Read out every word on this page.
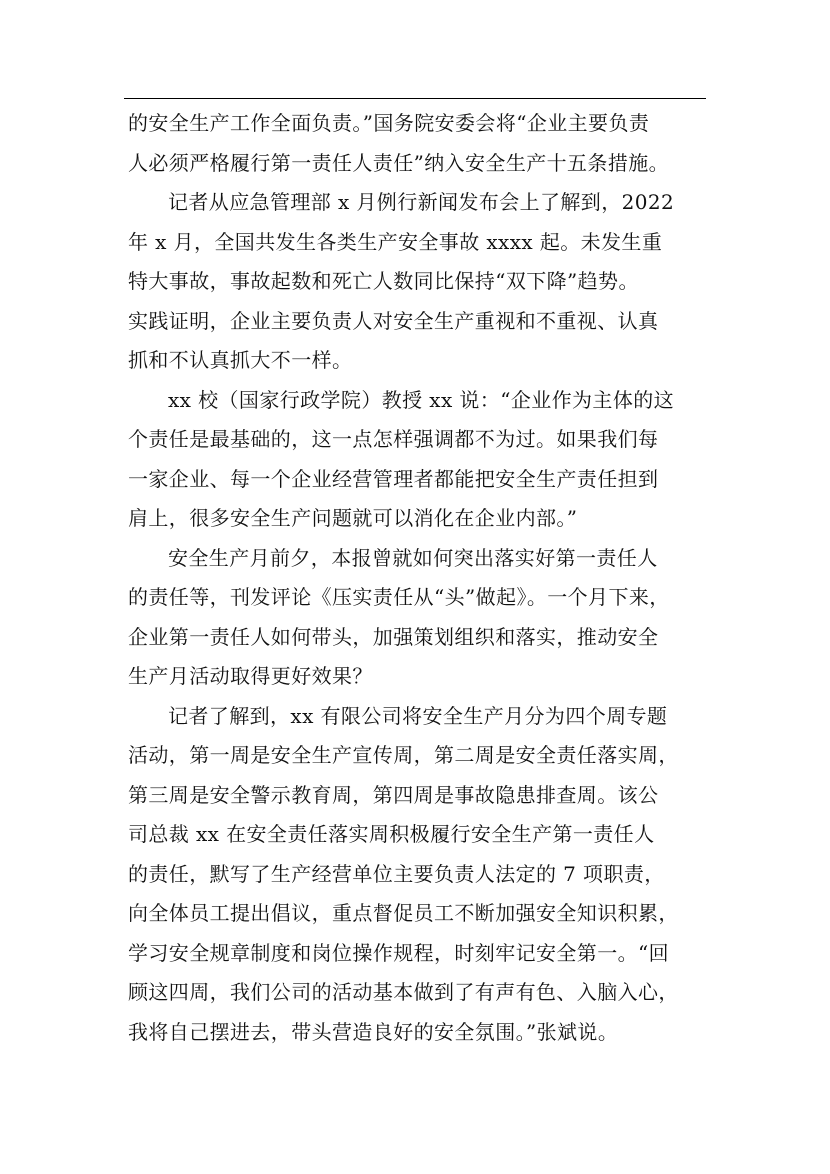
的安全生产工作全面负责。”国务院安委会将“企业主要负责
人必须严格履行第一责任人责任”纳入安全生产十五条措施。

记者从应急管理部 x 月例行新闻发布会上了解到，2022
年 x 月，全国共发生各类生产安全事故 xxxx 起。未发生重
特大事故，事故起数和死亡人数同比保持“双下降”趋势。
实践证明，企业主要负责人对安全生产重视和不重视、认真
抓和不认真抓大不一样。

xx 校（国家行政学院）教授 xx 说：“企业作为主体的这
个责任是最基础的，这一点怎样强调都不为过。如果我们每
一家企业、每一个企业经营管理者都能把安全生产责任担到
肩上，很多安全生产问题就可以消化在企业内部。”

安全生产月前夕，本报曾就如何突出落实好第一责任人
的责任等，刊发评论《压实责任从“头”做起》。一个月下来，
企业第一责任人如何带头，加强策划组织和落实，推动安全
生产月活动取得更好效果？

记者了解到，xx 有限公司将安全生产月分为四个周专题
活动，第一周是安全生产宣传周，第二周是安全责任落实周，
第三周是安全警示教育周，第四周是事故隐患排查周。该公
司总裁 xx 在安全责任落实周积极履行安全生产第一责任人
的责任，默写了生产经营单位主要负责人法定的 7 项职责，
向全体员工提出倡议，重点督促员工不断加强安全知识积累，
学习安全规章制度和岗位操作规程，时刻牢记安全第一。“回
顾这四周，我们公司的活动基本做到了有声有色、入脑入心，
我将自己摆进去，带头营造良好的安全氛围。”张斌说。
